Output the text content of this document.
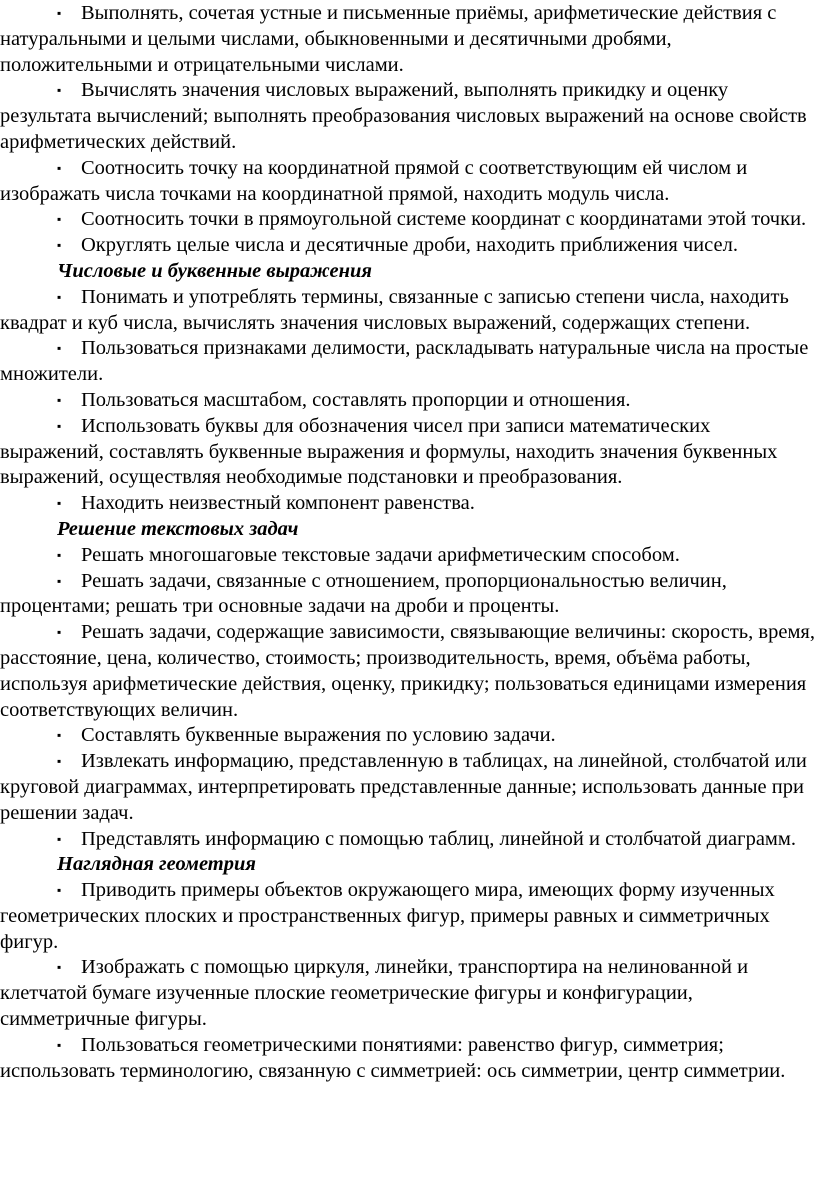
▪ Выполнять, сочетая устные и письменные приёмы, арифметические действия с натуральными и целыми числами, обыкновенными и десятичными дробями, положительными и отрицательными числами.

▪ Вычислять значения числовых выражений, выполнять прикидку и оценку результата вычислений; выполнять преобразования числовых выражений на основе свойств арифметических действий.

▪ Соотносить точку на координатной прямой с соответствующим ей числом и изображать числа точками на координатной прямой, находить модуль числа.

▪ Соотносить точки в прямоугольной системе координат с координатами этой точки.

▪ Округлять целые числа и десятичные дроби, находить приближения чисел.

Числовые и буквенные выражения

▪ Понимать и употреблять термины, связанные с записью степени числа, находить квадрат и куб числа, вычислять значения числовых выражений, содержащих степени.

▪ Пользоваться признаками делимости, раскладывать натуральные числа на простые множители.

▪ Пользоваться масштабом, составлять пропорции и отношения.

▪ Использовать буквы для обозначения чисел при записи математических выражений, составлять буквенные выражения и формулы, находить значения буквенных выражений, осуществляя необходимые подстановки и преобразования.

▪ Находить неизвестный компонент равенства.

Решение текстовых задач

▪ Решать многошаговые текстовые задачи арифметическим способом.

▪ Решать задачи, связанные с отношением, пропорциональностью величин, процентами; решать три основные задачи на дроби и проценты.

▪ Решать задачи, содержащие зависимости, связывающие величины: скорость, время, расстояние, цена, количество, стоимость; производительность, время, объёма работы, используя арифметические действия, оценку, прикидку; пользоваться единицами измерения соответствующих величин.

▪ Составлять буквенные выражения по условию задачи.

▪ Извлекать информацию, представленную в таблицах, на линейной, столбчатой или круговой диаграммах, интерпретировать представленные данные; использовать данные при решении задач.

▪ Представлять информацию с помощью таблиц, линейной и столбчатой диаграмм.

Наглядная геометрия

▪ Приводить примеры объектов окружающего мира, имеющих форму изученных геометрических плоских и пространственных фигур, примеры равных и симметричных фигур.

▪ Изображать с помощью циркуля, линейки, транспортира на нелинованной и клетчатой бумаге изученные плоские геометрические фигуры и конфигурации, симметричные фигуры.

▪ Пользоваться геометрическими понятиями: равенство фигур, симметрия; использовать терминологию, связанную с симметрией: ось симметрии, центр симметрии.
